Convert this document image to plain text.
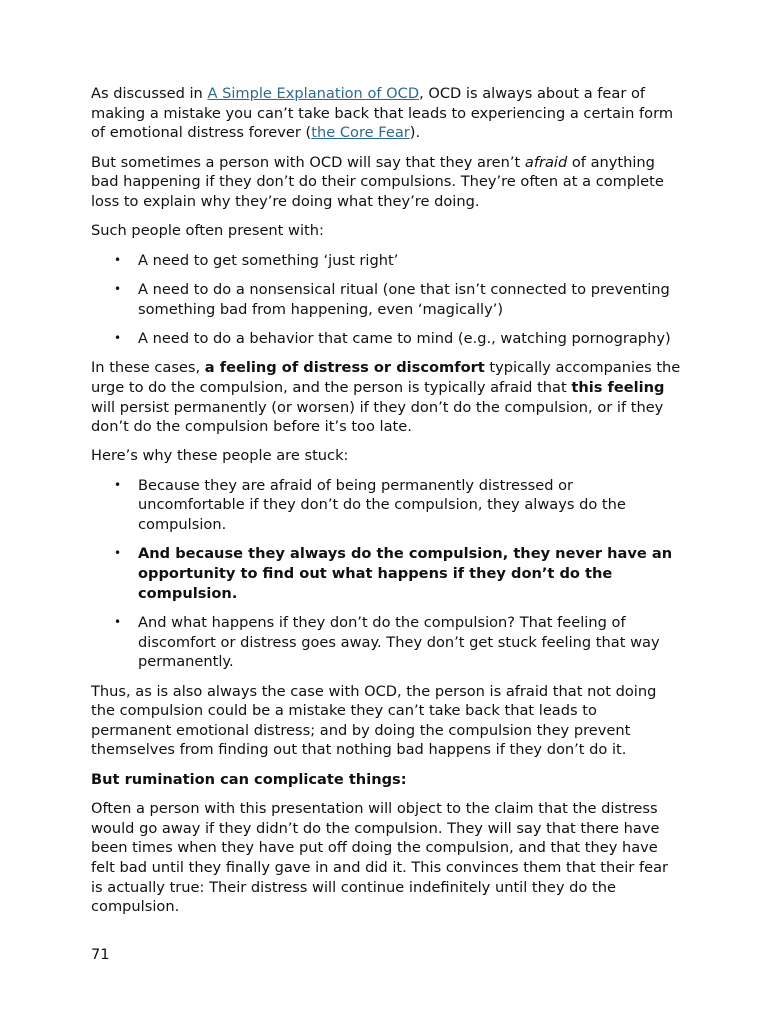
As discussed in A Simple Explanation of OCD, OCD is always about a fear of making a mistake you can’t take back that leads to experiencing a certain form of emotional distress forever (the Core Fear).

But sometimes a person with OCD will say that they aren’t afraid of anything bad happening if they don’t do their compulsions. They’re often at a complete loss to explain why they’re doing what they’re doing.

Such people often present with:

• A need to get something ‘just right’
• A need to do a nonsensical ritual (one that isn’t connected to preventing something bad from happening, even ‘magically’)
• A need to do a behavior that came to mind (e.g., watching pornography)

In these cases, a feeling of distress or discomfort typically accompanies the urge to do the compulsion, and the person is typically afraid that this feeling will persist permanently (or worsen) if they don’t do the compulsion, or if they don’t do the compulsion before it’s too late.

Here’s why these people are stuck:

• Because they are afraid of being permanently distressed or uncomfortable if they don’t do the compulsion, they always do the compulsion.
• And because they always do the compulsion, they never have an opportunity to find out what happens if they don’t do the compulsion.
• And what happens if they don’t do the compulsion? That feeling of discomfort or distress goes away. They don’t get stuck feeling that way permanently.

Thus, as is also always the case with OCD, the person is afraid that not doing the compulsion could be a mistake they can’t take back that leads to permanent emotional distress; and by doing the compulsion they prevent themselves from finding out that nothing bad happens if they don’t do it.

But rumination can complicate things:

Often a person with this presentation will object to the claim that the distress would go away if they didn’t do the compulsion. They will say that there have been times when they have put off doing the compulsion, and that they have felt bad until they finally gave in and did it. This convinces them that their fear is actually true: Their distress will continue indefinitely until they do the compulsion.

71
